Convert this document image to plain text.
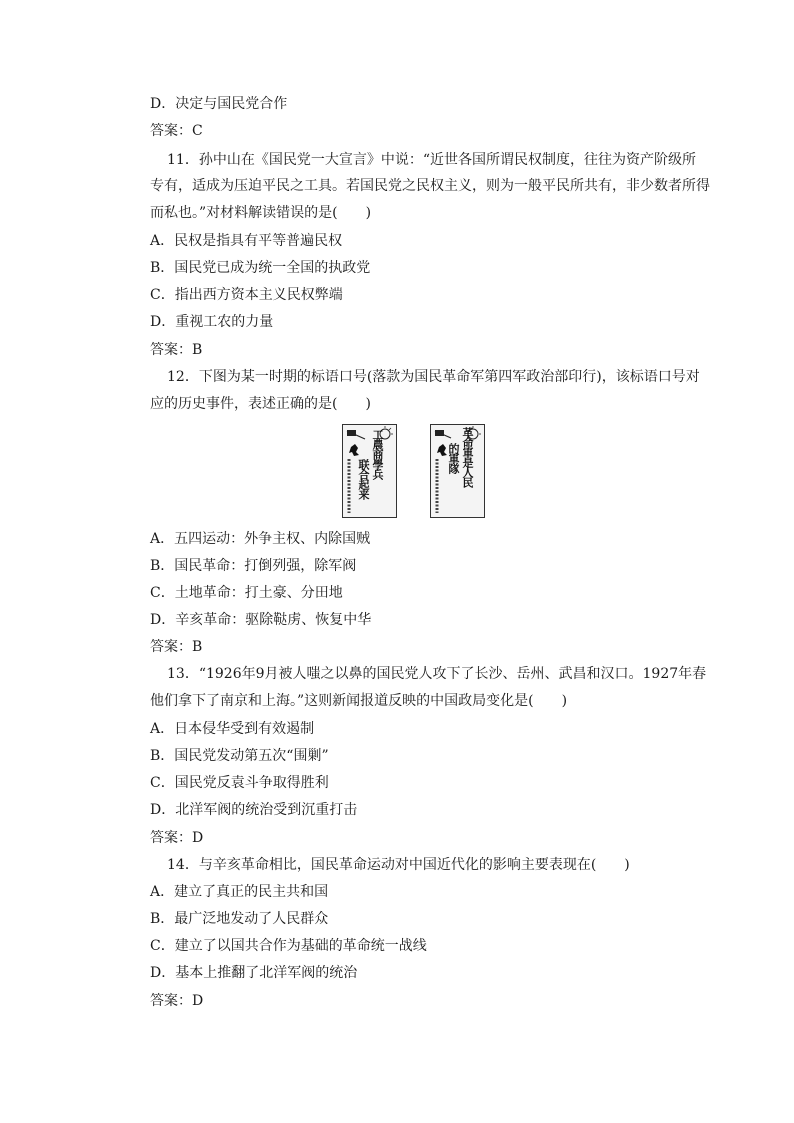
D．决定与国民党合作
答案：C
11．孙中山在《国民党一大宣言》中说：“近世各国所谓民权制度，往往为资产阶级所
专有，适成为压迫平民之工具。若国民党之民权主义，则为一般平民所共有，非少数者所得
而私也。”对材料解读错误的是(　　)
A．民权是指具有平等普遍民权
B．国民党已成为统一全国的执政党
C．指出西方资本主义民权弊端
D．重视工农的力量
答案：B
12．下图为某一时期的标语口号(落款为国民革命军第四军政治部印行)，该标语口号对
应的历史事件，表述正确的是(　　)
工農商學兵
联合起来	革命軍是人民
的軍隊
A．五四运动：外争主权、内除国贼
B．国民革命：打倒列强，除军阀
C．土地革命：打土豪、分田地
D．辛亥革命：驱除鞑虏、恢复中华
答案：B
13．“1926年9月被人嗤之以鼻的国民党人攻下了长沙、岳州、武昌和汉口。1927年春
他们拿下了南京和上海。”这则新闻报道反映的中国政局变化是(　　)
A．日本侵华受到有效遏制
B．国民党发动第五次“围剿”
C．国民党反袁斗争取得胜利
D．北洋军阀的统治受到沉重打击
答案：D
14．与辛亥革命相比，国民革命运动对中国近代化的影响主要表现在(　　)
A．建立了真正的民主共和国
B．最广泛地发动了人民群众
C．建立了以国共合作为基础的革命统一战线
D．基本上推翻了北洋军阀的统治
答案：D
